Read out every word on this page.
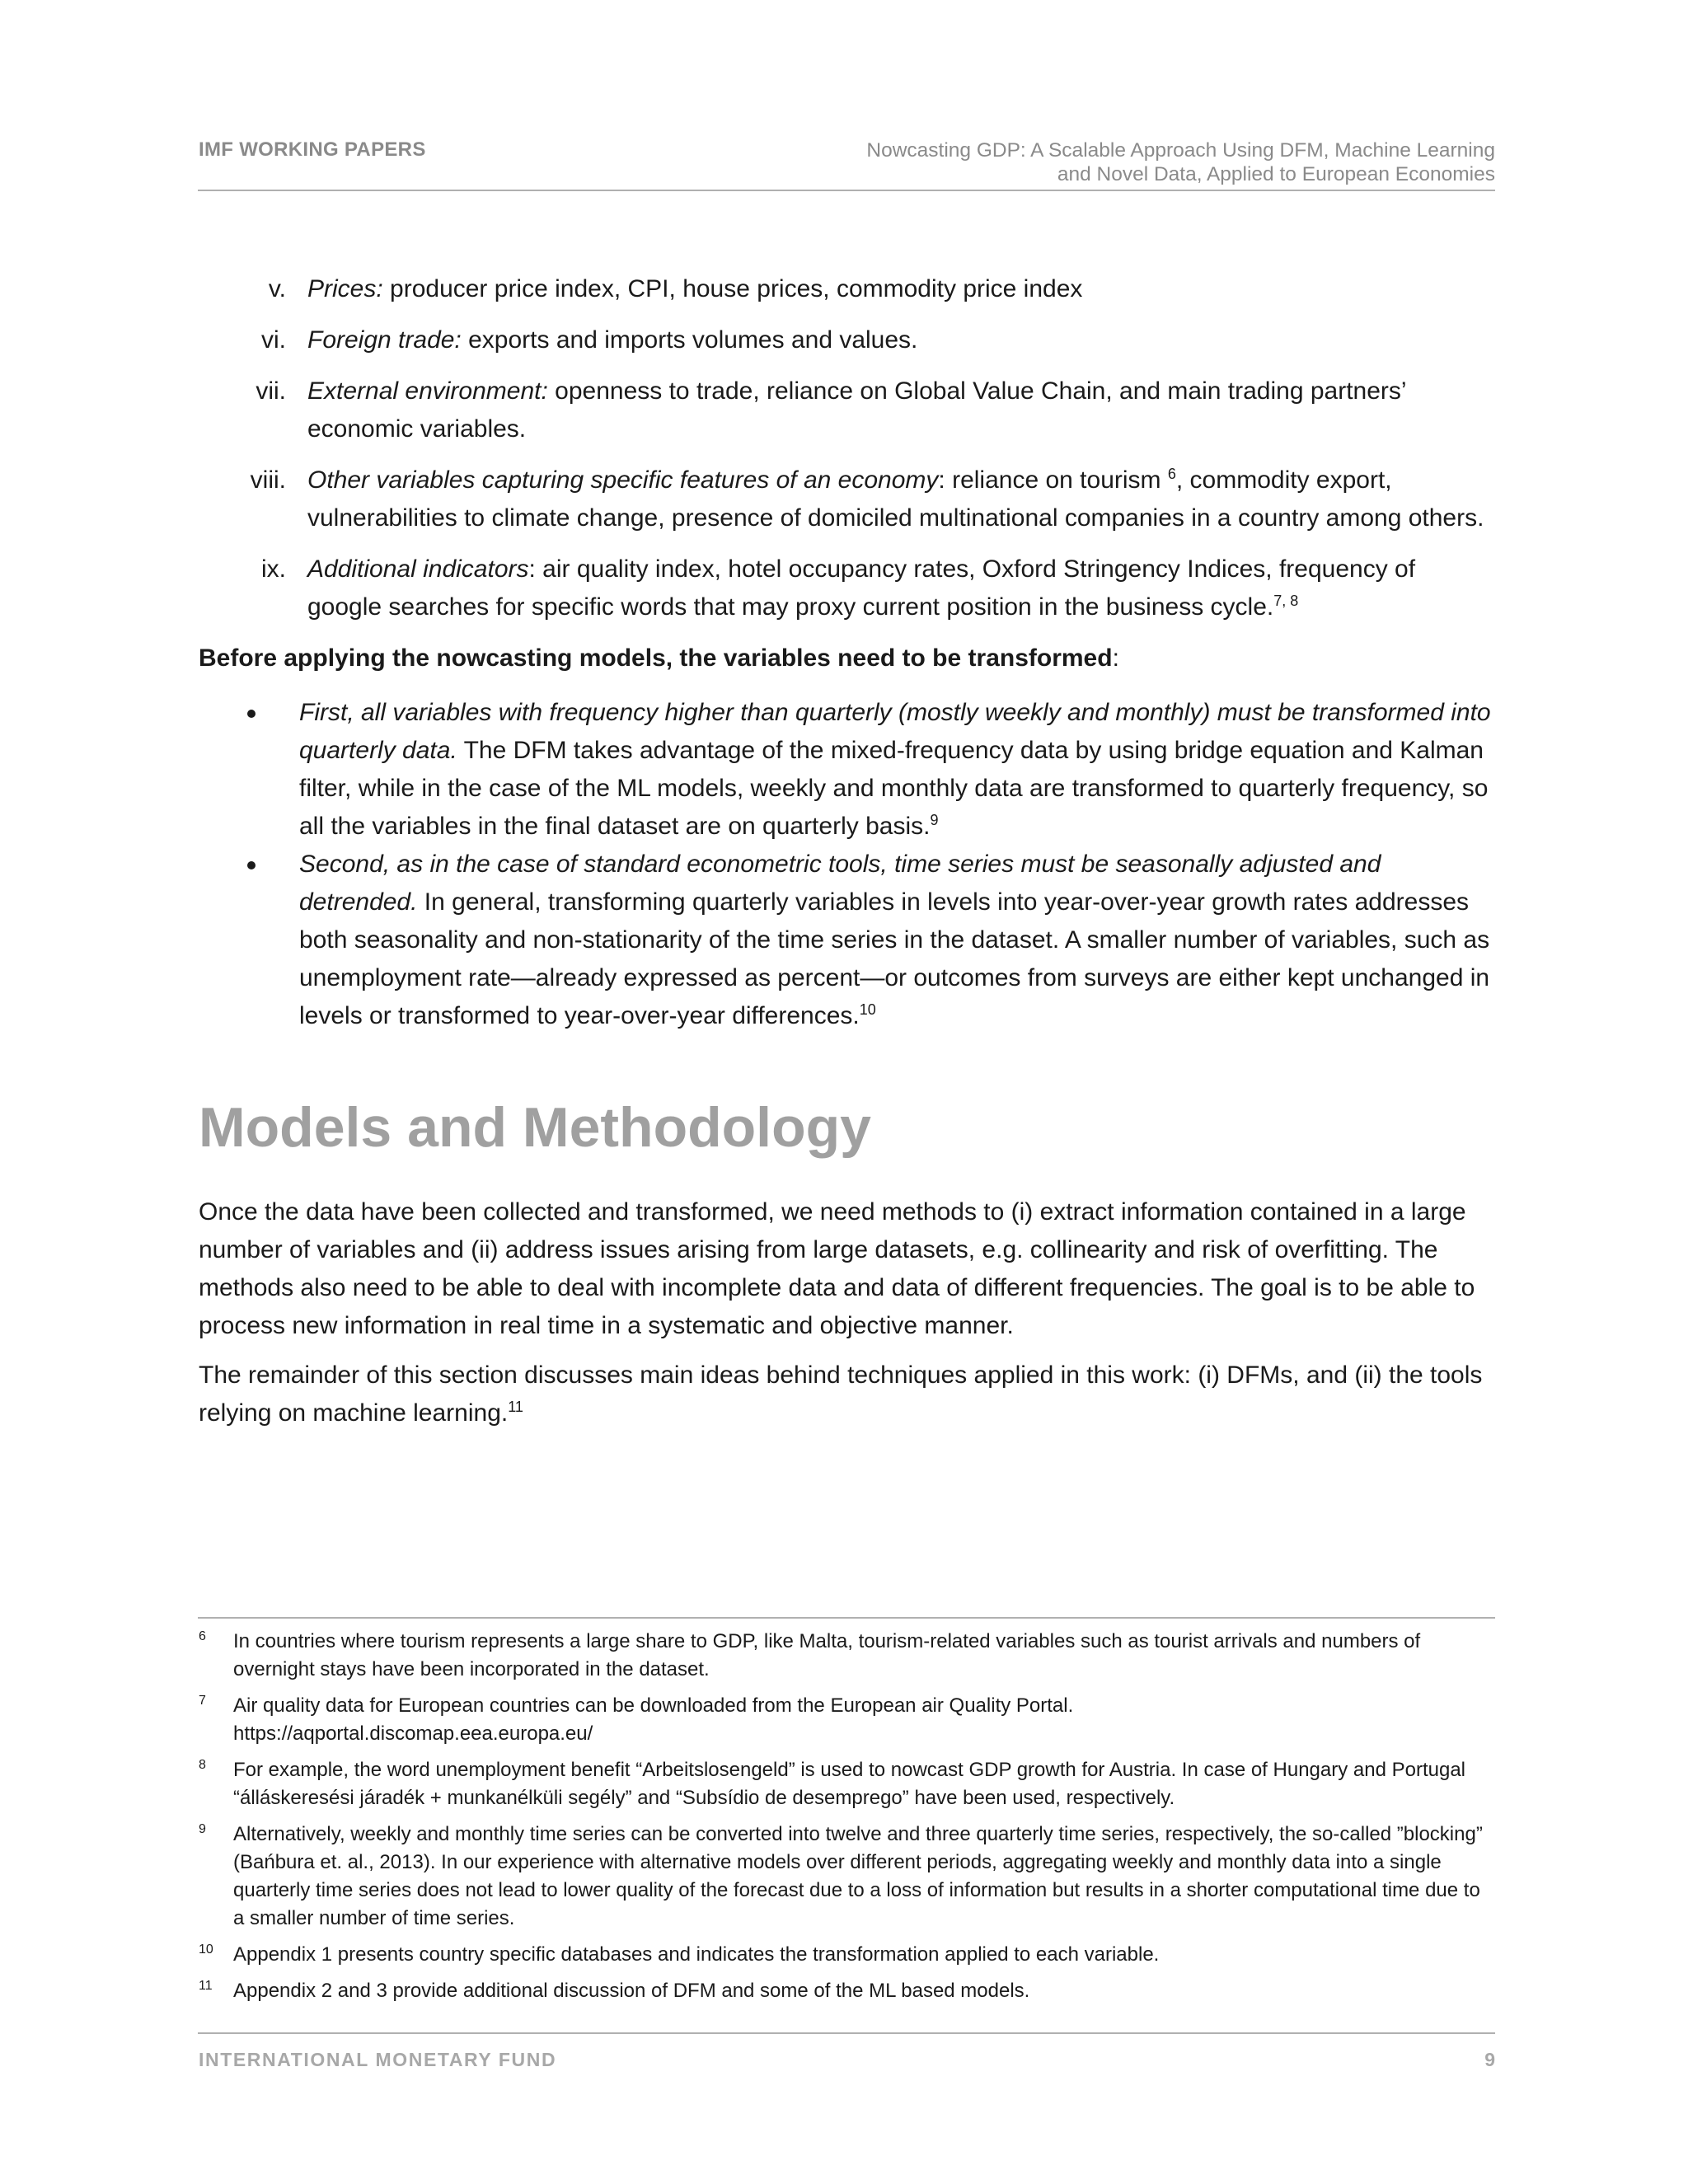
IMF WORKING PAPERS	Nowcasting GDP: A Scalable Approach Using DFM, Machine Learning
and Novel Data, Applied to European Economies
v. Prices: producer price index, CPI, house prices, commodity price index
vi. Foreign trade: exports and imports volumes and values.
vii. External environment: openness to trade, reliance on Global Value Chain, and main trading partners’ economic variables.
viii. Other variables capturing specific features of an economy: reliance on tourism $^6$, commodity export, vulnerabilities to climate change, presence of domiciled multinational companies in a country among others.
ix. Additional indicators: air quality index, hotel occupancy rates, Oxford Stringency Indices, frequency of google searches for specific words that may proxy current position in the business cycle.$^{7, 8}$
Before applying the nowcasting models, the variables need to be transformed:
First, all variables with frequency higher than quarterly (mostly weekly and monthly) must be transformed into quarterly data. The DFM takes advantage of the mixed-frequency data by using bridge equation and Kalman filter, while in the case of the ML models, weekly and monthly data are transformed to quarterly frequency, so all the variables in the final dataset are on quarterly basis.$^9$
Second, as in the case of standard econometric tools, time series must be seasonally adjusted and detrended. In general, transforming quarterly variables in levels into year-over-year growth rates addresses both seasonality and non-stationarity of the time series in the dataset. A smaller number of variables, such as unemployment rate—already expressed as percent—or outcomes from surveys are either kept unchanged in levels or transformed to year-over-year differences.$^{10}$
Models and Methodology
Once the data have been collected and transformed, we need methods to (i) extract information contained in a large number of variables and (ii) address issues arising from large datasets, e.g. collinearity and risk of overfitting. The methods also need to be able to deal with incomplete data and data of different frequencies. The goal is to be able to process new information in real time in a systematic and objective manner.
The remainder of this section discusses main ideas behind techniques applied in this work: (i) DFMs, and (ii) the tools relying on machine learning.$^{11}$
6 In countries where tourism represents a large share to GDP, like Malta, tourism-related variables such as tourist arrivals and numbers of overnight stays have been incorporated in the dataset.
7 Air quality data for European countries can be downloaded from the European air Quality Portal.
https://aqportal.discomap.eea.europa.eu/
8 For example, the word unemployment benefit “Arbeitslosengeld” is used to nowcast GDP growth for Austria. In case of Hungary and Portugal “álláskeresési járadék + munkanélküli segély” and “Subsídio de desemprego” have been used, respectively.
9 Alternatively, weekly and monthly time series can be converted into twelve and three quarterly time series, respectively, the so-called ”blocking” (Bańbura et. al., 2013). In our experience with alternative models over different periods, aggregating weekly and monthly data into a single quarterly time series does not lead to lower quality of the forecast due to a loss of information but results in a shorter computational time due to a smaller number of time series.
10 Appendix 1 presents country specific databases and indicates the transformation applied to each variable.
11 Appendix 2 and 3 provide additional discussion of DFM and some of the ML based models.
INTERNATIONAL MONETARY FUND	9
